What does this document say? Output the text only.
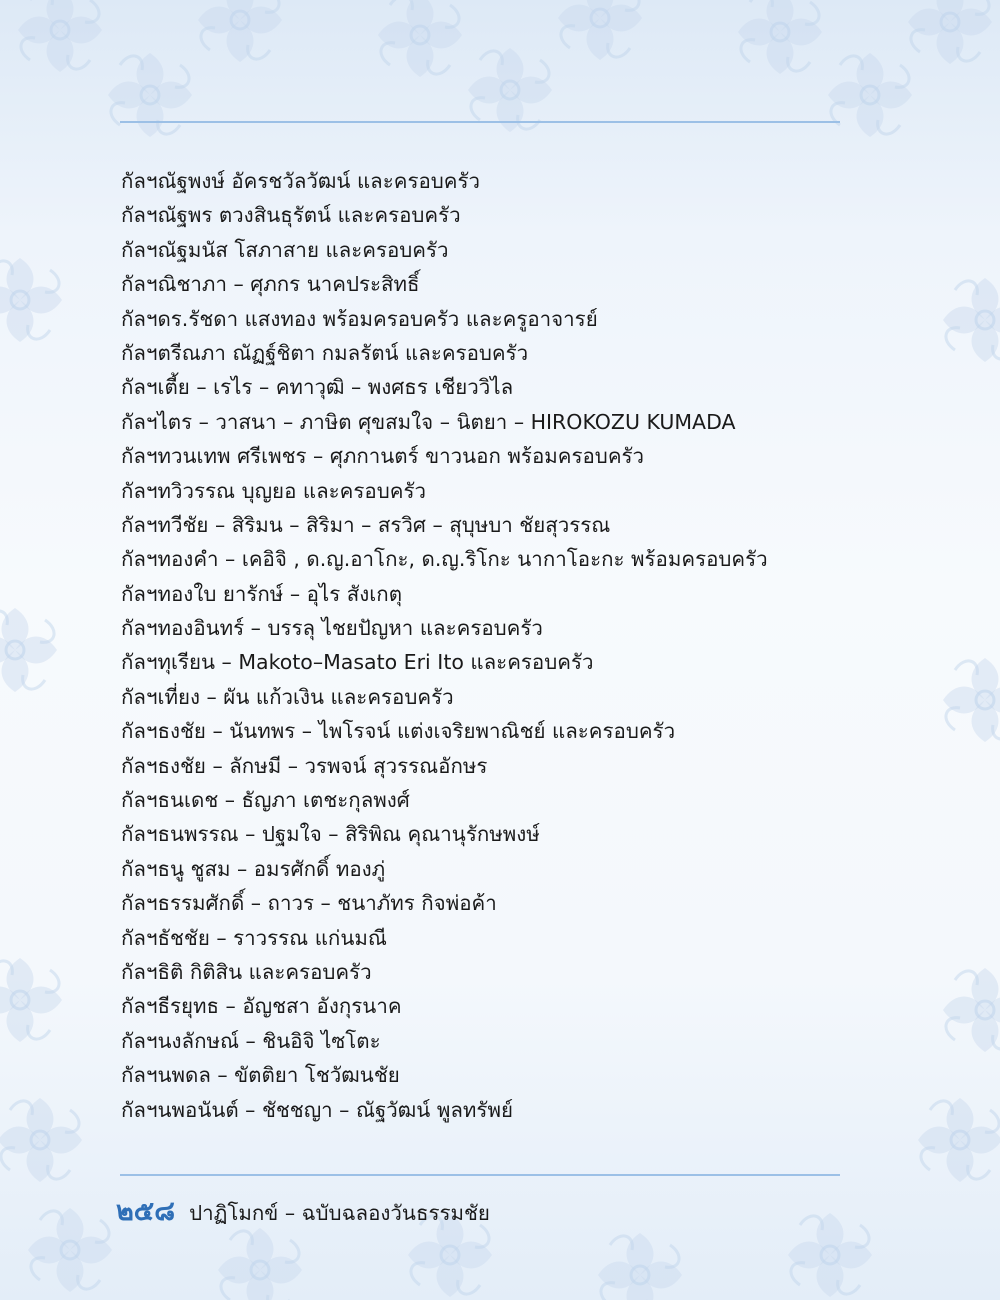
กัลฯณัฐพงษ์ อัครชวัลวัฒน์ และครอบครัว
กัลฯณัฐพร ตวงสินธุรัตน์ และครอบครัว
กัลฯณัฐมนัส โสภาสาย และครอบครัว
กัลฯณิชาภา – ศุภกร นาคประสิทธิ์
กัลฯดร.รัชดา แสงทอง พร้อมครอบครัว และครูอาจารย์
กัลฯตรีณภา ณัฏฐ์ชิตา กมลรัตน์ และครอบครัว
กัลฯเตี้ย – เรไร – คทาวุฒิ – พงศธร เชียววิไล
กัลฯไตร – วาสนา – ภาษิต ศุขสมใจ – นิตยา – HIROKOZU KUMADA
กัลฯทวนเทพ ศรีเพชร – ศุภกานตร์ ขาวนอก พร้อมครอบครัว
กัลฯทวิวรรณ บุญยอ และครอบครัว
กัลฯทวีชัย – สิริมน – สิริมา – สรวิศ – สุบุษบา ชัยสุวรรณ
กัลฯทองคำ – เคอิจิ , ด.ญ.อาโกะ, ด.ญ.ริโกะ นากาโอะกะ พร้อมครอบครัว
กัลฯทองใบ ยารักษ์ – อุไร สังเกตุ
กัลฯทองอินทร์ – บรรลุ ไชยปัญหา และครอบครัว
กัลฯทุเรียน – Makoto–Masato Eri Ito และครอบครัว
กัลฯเที่ยง – ผัน แก้วเงิน และครอบครัว
กัลฯธงชัย – นันทพร – ไพโรจน์ แต่งเจริยพาณิชย์ และครอบครัว
กัลฯธงชัย – ลักษมี – วรพจน์ สุวรรณอักษร
กัลฯธนเดช – ธัญภา เตชะกุลพงศ์
กัลฯธนพรรณ – ปฐมใจ – สิริพิณ คุณานุรักษพงษ์
กัลฯธนู ชูสม – อมรศักดิ์ ทองภู่
กัลฯธรรมศักดิ์ – ถาวร – ชนาภัทร กิจพ่อค้า
กัลฯธัชชัย – ราวรรณ แก่นมณี
กัลฯธิติ กิติสิน และครอบครัว
กัลฯธีรยุทธ – อัญชสา อังกุรนาค
กัลฯนงลักษณ์ – ชินอิจิ ไซโตะ
กัลฯนพดล – ขัตติยา โชวัฒนชัย
กัลฯนพอนันต์ – ชัชชญา – ณัฐวัฒน์ พูลทรัพย์
๒๕๘ ปาฏิโมกข์ – ฉบับฉลองวันธรรมชัย
